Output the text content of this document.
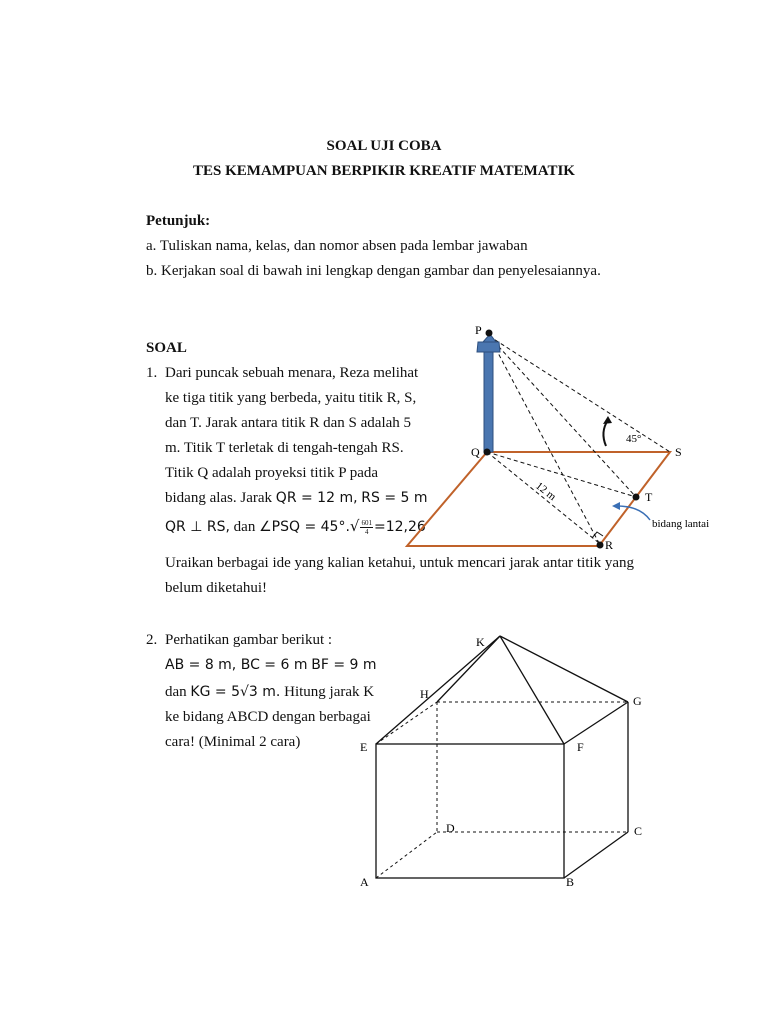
SOAL UJI COBA
TES KEMAMPUAN BERPIKIR KREATIF MATEMATIK
Petunjuk:
a. Tuliskan nama, kelas, dan nomor absen pada lembar jawaban
b. Kerjakan soal di bawah ini lengkap dengan gambar dan penyelesaiannya.
SOAL
1. Dari puncak sebuah menara, Reza melihat
ke tiga titik yang berbeda, yaitu titik R, S,
dan T. Jarak antara titik R dan S adalah 5
m. Titik T terletak di tengah-tengah RS.
Titik Q adalah proyeksi titik P pada
bidang alas. Jarak QR = 12 m, RS = 5 m
QR ⊥ RS, dan ∠PSQ = $45^\circ.√ \frac{601}{4} =12,26$
Uraikan berbagai ide yang kalian ketahui, untuk mencari jarak antar titik yang
belum diketahui!
P
Q	S
T
R
45°
12 m
bidang lantai
2. Perhatikan gambar berikut :
AB = 8 m, BC = 6 m BF = 9 m
dan KG = 5√3 m. Hitung jarak K
ke bidang ABCD dengan berbagai
cara! (Minimal 2 cara)
K
H	G
E	F
D	C
A	B
